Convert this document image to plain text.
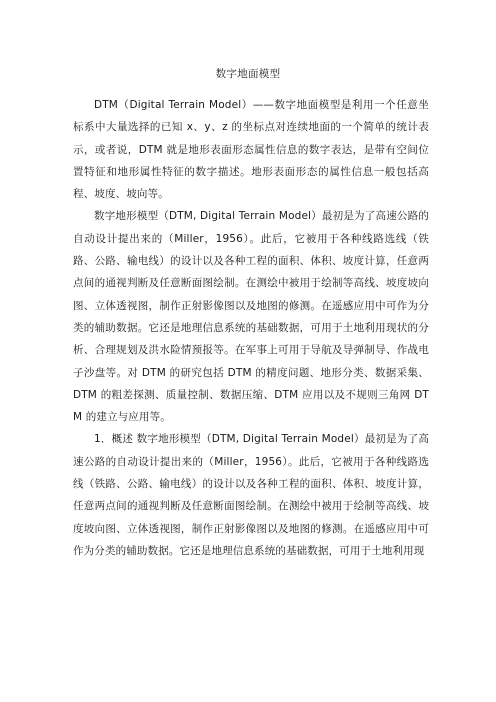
数字地面模型

DTM（Digital Terrain Model）——数字地面模型是利用一个任意坐标系中大量选择的已知 x、y、z 的坐标点对连续地面的一个简单的统计表示，或者说，DTM 就是地形表面形态属性信息的数字表达，是带有空间位置特征和地形属性特征的数字描述。地形表面形态的属性信息一般包括高程、坡度、坡向等。

数字地形模型（DTM, Digital Terrain Model）最初是为了高速公路的自动设计提出来的（Miller，1956）。此后，它被用于各种线路选线（铁路、公路、输电线）的设计以及各种工程的面积、体积、坡度计算，任意两点间的通视判断及任意断面图绘制。在测绘中被用于绘制等高线、坡度坡向图、立体透视图，制作正射影像图以及地图的修测。在遥感应用中可作为分类的辅助数据。它还是地理信息系统的基础数据，可用于土地利用现状的分析、合理规划及洪水险情预报等。在军事上可用于导航及导弹制导、作战电子沙盘等。对 DTM 的研究包括 DTM 的精度问题、地形分类、数据采集、DTM 的粗差探测、质量控制、数据压缩、DTM 应用以及不规则三角网 DTM 的建立与应用等。

1．概述 数字地形模型（DTM, Digital Terrain Model）最初是为了高速公路的自动设计提出来的（Miller，1956）。此后，它被用于各种线路选线（铁路、公路、输电线）的设计以及各种工程的面积、体积、坡度计算，任意两点间的通视判断及任意断面图绘制。在测绘中被用于绘制等高线、坡度坡向图、立体透视图，制作正射影像图以及地图的修测。在遥感应用中可作为分类的辅助数据。它还是地理信息系统的基础数据，可用于土地利用现
